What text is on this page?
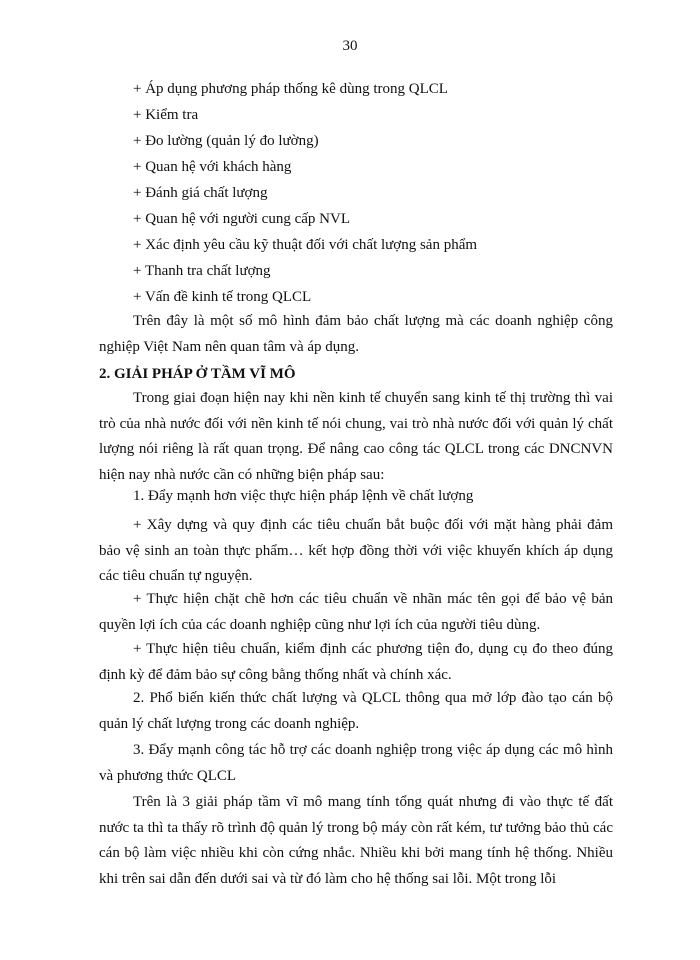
30
+ Áp dụng phương pháp thống kê dùng trong QLCL
+ Kiểm tra
+ Đo lường (quản lý đo lường)
+ Quan hệ với khách hàng
+ Đánh giá chất lượng
+ Quan hệ với người cung cấp NVL
+ Xác định yêu cầu kỹ thuật đối với chất lượng sản phẩm
+ Thanh tra chất lượng
+ Vấn đề kinh tế trong QLCL
Trên đây là một số mô hình đảm bảo chất lượng mà các doanh nghiệp công nghiệp Việt Nam nên quan tâm và áp dụng.
2. GIẢI PHÁP Ở TẦM VĨ MÔ
Trong giai đoạn hiện nay khi nền kinh tế chuyển sang kinh tế thị trường thì vai trò của nhà nước đối với nền kinh tế nói chung, vai trò nhà nước đối với quản lý chất lượng nói riêng là rất quan trọng. Để nâng cao công tác QLCL trong các DNCNVN hiện nay nhà nước cần có những biện pháp sau:
1. Đẩy mạnh hơn việc thực hiện pháp lệnh về chất lượng
+ Xây dựng và quy định các tiêu chuẩn bắt buộc đối với mặt hàng phải đảm bảo vệ sinh an toàn thực phẩm… kết hợp đồng thời với việc khuyến khích áp dụng các tiêu chuẩn tự nguyện.
+ Thực hiện chặt chẽ hơn các tiêu chuẩn về nhãn mác tên gọi để bảo vệ bản quyền lợi ích của các doanh nghiệp cũng như lợi ích của người tiêu dùng.
+ Thực hiện tiêu chuẩn, kiểm định các phương tiện đo, dụng cụ đo theo đúng định kỳ để đảm bảo sự công bằng thống nhất và chính xác.
2. Phổ biến kiến thức chất lượng và QLCL thông qua mở lớp đào tạo cán bộ quản lý chất lượng trong các doanh nghiệp.
3. Đẩy mạnh công tác hỗ trợ các doanh nghiệp trong việc áp dụng các mô hình và phương thức QLCL
Trên là 3 giải pháp tầm vĩ mô mang tính tổng quát nhưng đi vào thực tế đất nước ta thì ta thấy rõ trình độ quản lý trong bộ máy còn rất kém, tư tưởng bảo thủ các cán bộ làm việc nhiều khi còn cứng nhắc. Nhiều khi bởi mang tính hệ thống. Nhiều khi trên sai dẫn đến dưới sai và từ đó làm cho hệ thống sai lỗi. Một trong lỗi
